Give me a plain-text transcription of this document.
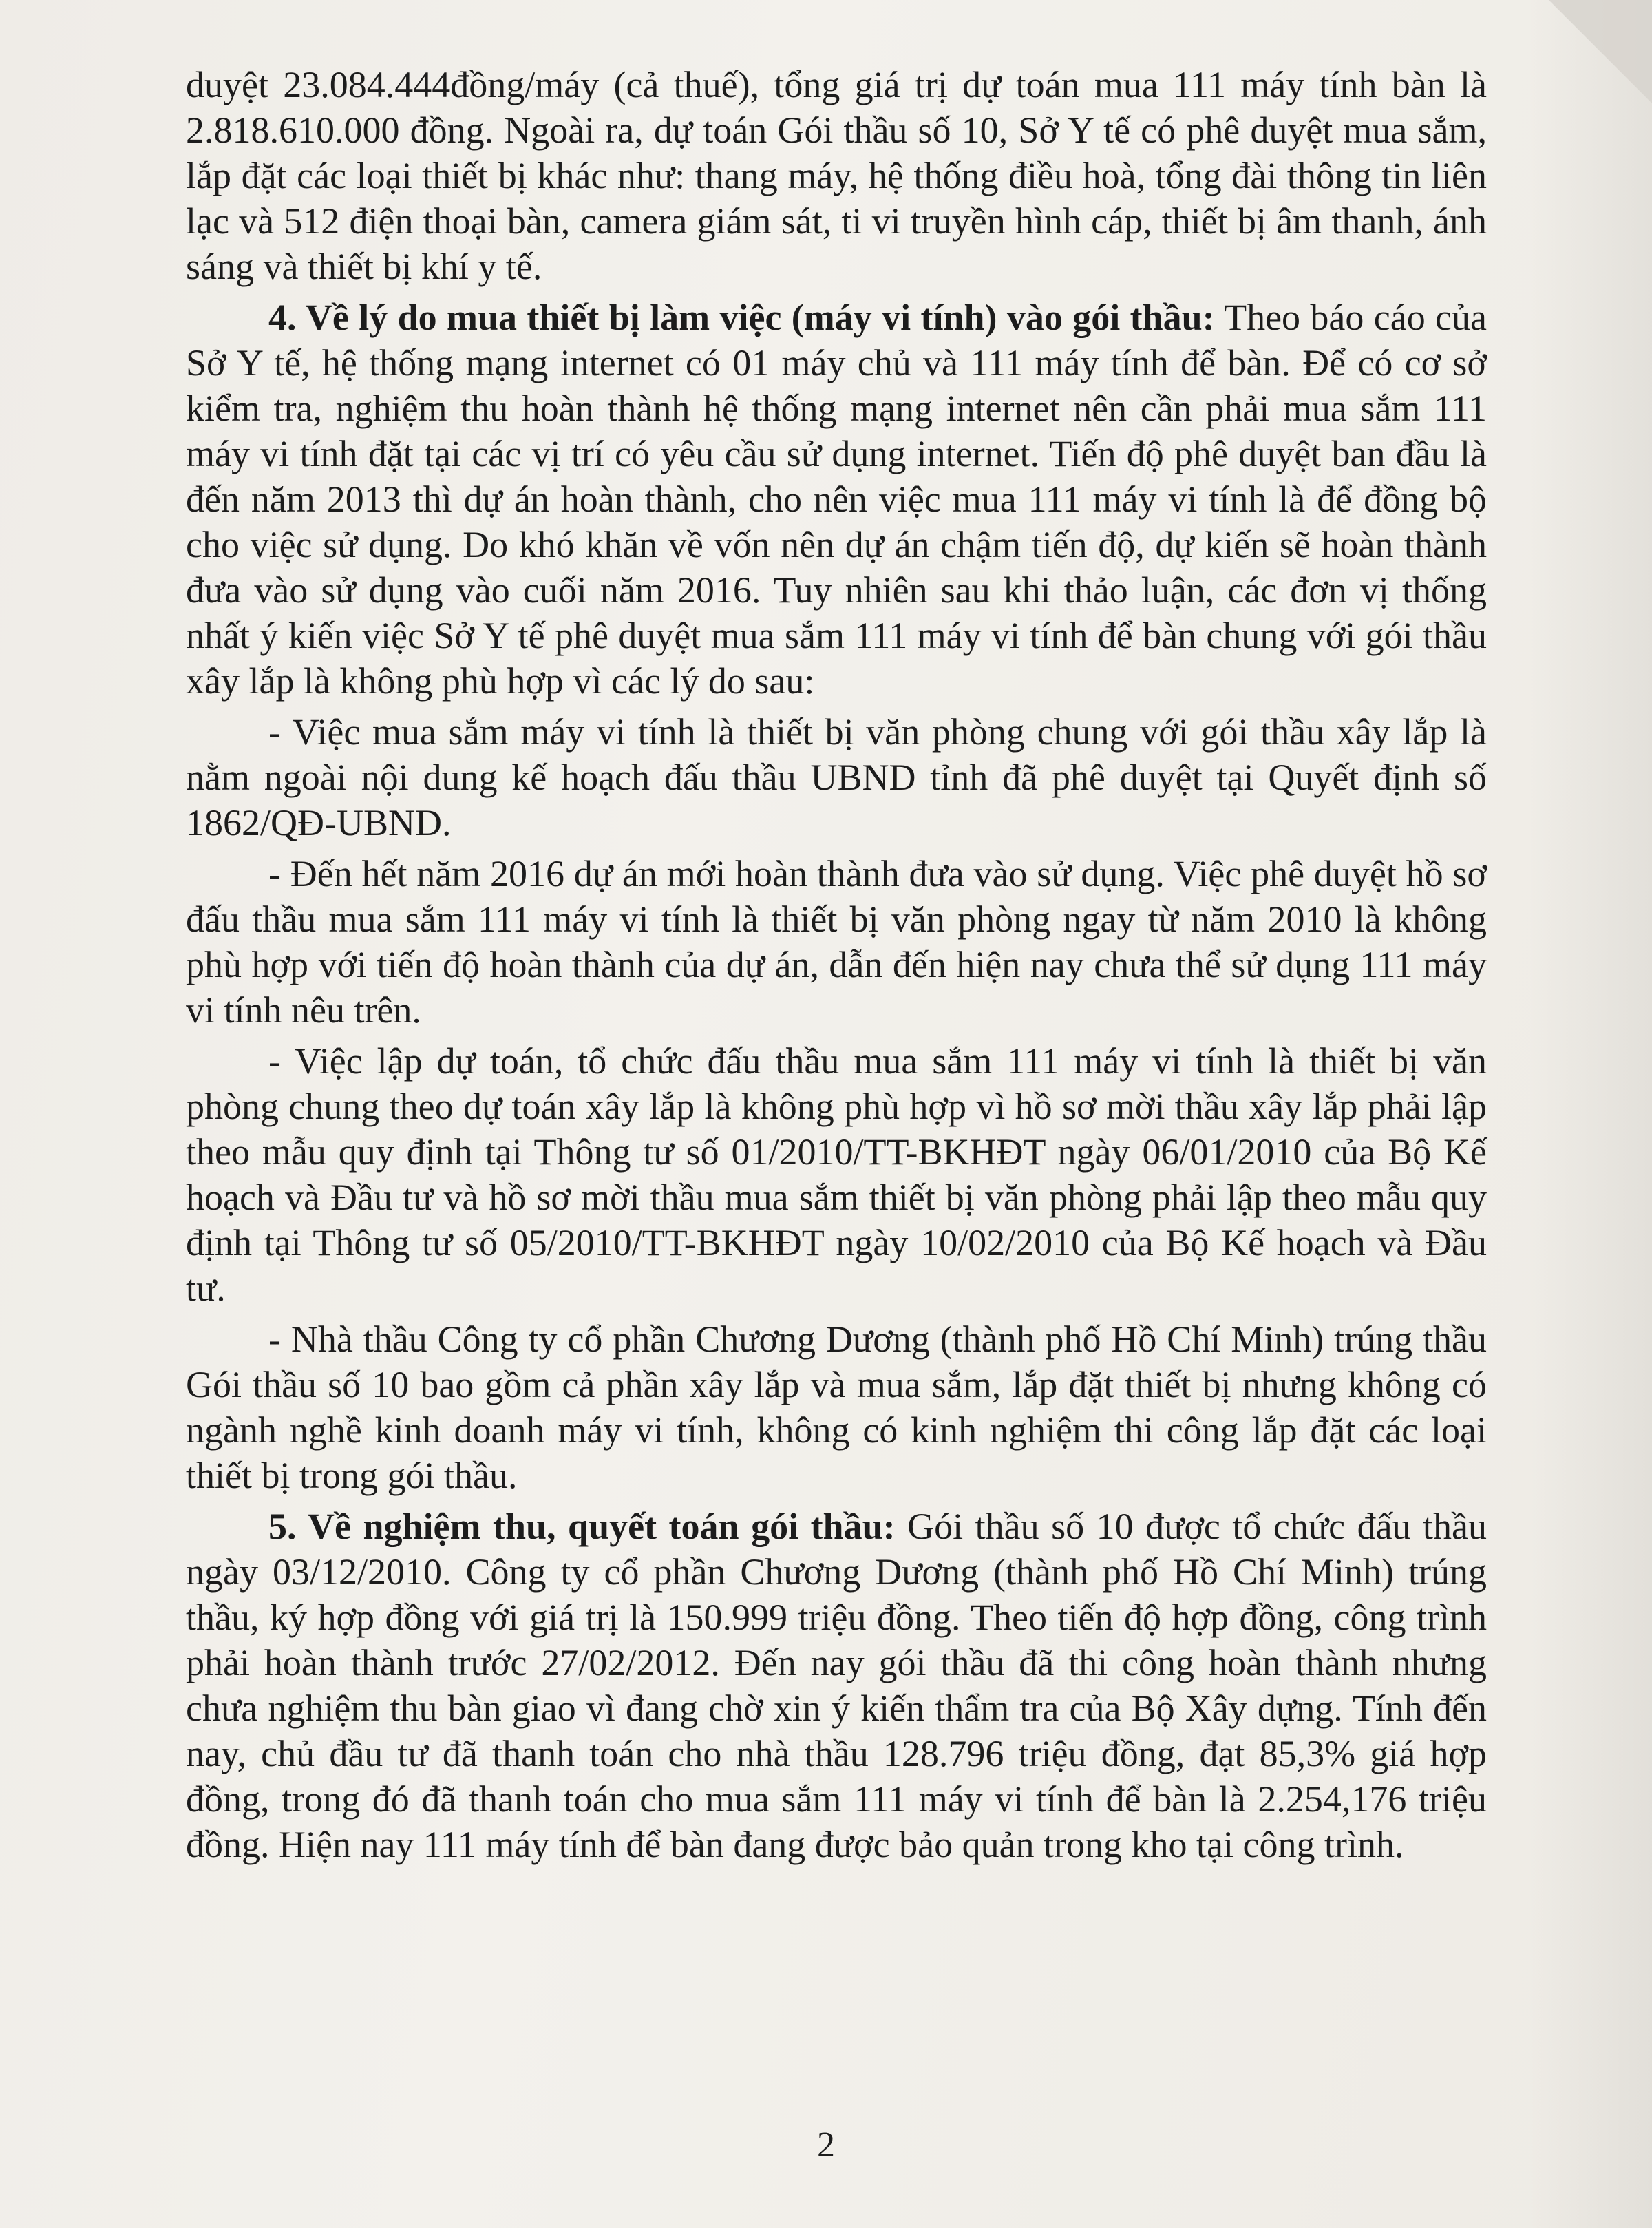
duyệt 23.084.444đồng/máy (cả thuế), tổng giá trị dự toán mua 111 máy tính bàn là 2.818.610.000 đồng. Ngoài ra, dự toán Gói thầu số 10, Sở Y tế có phê duyệt mua sắm, lắp đặt các loại thiết bị khác như: thang máy, hệ thống điều hoà, tổng đài thông tin liên lạc và 512 điện thoại bàn, camera giám sát, ti vi truyền hình cáp, thiết bị âm thanh, ánh sáng và thiết bị khí y tế.

4. Về lý do mua thiết bị làm việc (máy vi tính) vào gói thầu: Theo báo cáo của Sở Y tế, hệ thống mạng internet có 01 máy chủ và 111 máy tính để bàn. Để có cơ sở kiểm tra, nghiệm thu hoàn thành hệ thống mạng internet nên cần phải mua sắm 111 máy vi tính đặt tại các vị trí có yêu cầu sử dụng internet. Tiến độ phê duyệt ban đầu là đến năm 2013 thì dự án hoàn thành, cho nên việc mua 111 máy vi tính là để đồng bộ cho việc sử dụng. Do khó khăn về vốn nên dự án chậm tiến độ, dự kiến sẽ hoàn thành đưa vào sử dụng vào cuối năm 2016. Tuy nhiên sau khi thảo luận, các đơn vị thống nhất ý kiến việc Sở Y tế phê duyệt mua sắm 111 máy vi tính để bàn chung với gói thầu xây lắp là không phù hợp vì các lý do sau:

- Việc mua sắm máy vi tính là thiết bị văn phòng chung với gói thầu xây lắp là nằm ngoài nội dung kế hoạch đấu thầu UBND tỉnh đã phê duyệt tại Quyết định số 1862/QĐ-UBND.

- Đến hết năm 2016 dự án mới hoàn thành đưa vào sử dụng. Việc phê duyệt hồ sơ đấu thầu mua sắm 111 máy vi tính là thiết bị văn phòng ngay từ năm 2010 là không phù hợp với tiến độ hoàn thành của dự án, dẫn đến hiện nay chưa thể sử dụng 111 máy vi tính nêu trên.

- Việc lập dự toán, tổ chức đấu thầu mua sắm 111 máy vi tính là thiết bị văn phòng chung theo dự toán xây lắp là không phù hợp vì hồ sơ mời thầu xây lắp phải lập theo mẫu quy định tại Thông tư số 01/2010/TT-BKHĐT ngày 06/01/2010 của Bộ Kế hoạch và Đầu tư và hồ sơ mời thầu mua sắm thiết bị văn phòng phải lập theo mẫu quy định tại Thông tư số 05/2010/TT-BKHĐT ngày 10/02/2010 của Bộ Kế hoạch và Đầu tư.

- Nhà thầu Công ty cổ phần Chương Dương (thành phố Hồ Chí Minh) trúng thầu Gói thầu số 10 bao gồm cả phần xây lắp và mua sắm, lắp đặt thiết bị nhưng không có ngành nghề kinh doanh máy vi tính, không có kinh nghiệm thi công lắp đặt các loại thiết bị trong gói thầu.

5. Về nghiệm thu, quyết toán gói thầu: Gói thầu số 10 được tổ chức đấu thầu ngày 03/12/2010. Công ty cổ phần Chương Dương (thành phố Hồ Chí Minh) trúng thầu, ký hợp đồng với giá trị là 150.999 triệu đồng. Theo tiến độ hợp đồng, công trình phải hoàn thành trước 27/02/2012. Đến nay gói thầu đã thi công hoàn thành nhưng chưa nghiệm thu bàn giao vì đang chờ xin ý kiến thẩm tra của Bộ Xây dựng. Tính đến nay, chủ đầu tư đã thanh toán cho nhà thầu 128.796 triệu đồng, đạt 85,3% giá hợp đồng, trong đó đã thanh toán cho mua sắm 111 máy vi tính để bàn là 2.254,176 triệu đồng. Hiện nay 111 máy tính để bàn đang được bảo quản trong kho tại công trình.

2
